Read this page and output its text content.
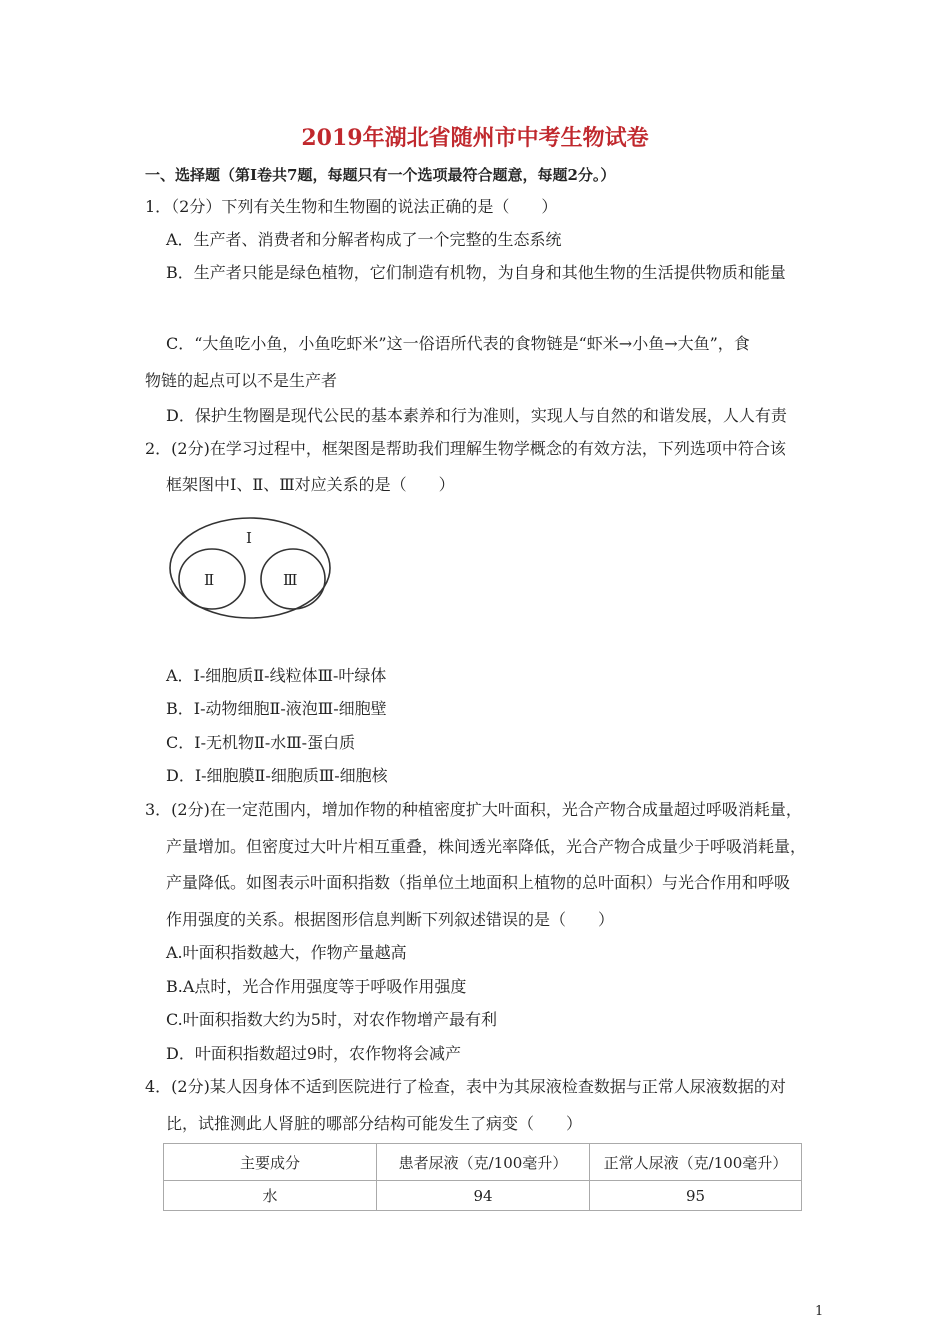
2019年湖北省随州市中考生物试卷
一、选择题（第Ⅰ卷共7题，每题只有一个选项最符合题意，每题2分。）
1．（2分）下列有关生物和生物圈的说法正确的是（　　）
A．生产者、消费者和分解者构成了一个完整的生态系统
B．生产者只能是绿色植物，它们制造有机物，为自身和其他生物的生活提供物质和能量
C．“大鱼吃小鱼，小鱼吃虾米”这一俗语所代表的食物链是“虾米→小鱼→大鱼”，食
物链的起点可以不是生产者
D．保护生物圈是现代公民的基本素养和行为准则，实现人与自然的和谐发展，人人有责
2．(2分)在学习过程中，框架图是帮助我们理解生物学概念的有效方法，下列选项中符合该
框架图中Ⅰ、Ⅱ、Ⅲ对应关系的是（　　）
Ⅰ
Ⅱ	Ⅲ
A．Ⅰ-细胞质Ⅱ-线粒体Ⅲ-叶绿体
B．Ⅰ-动物细胞Ⅱ-液泡Ⅲ-细胞壁
C．Ⅰ-无机物Ⅱ-水Ⅲ-蛋白质
D．Ⅰ-细胞膜Ⅱ-细胞质Ⅲ-细胞核
3．(2分)在一定范围内，增加作物的种植密度扩大叶面积，光合产物合成量超过呼吸消耗量，
产量增加。但密度过大叶片相互重叠，株间透光率降低，光合产物合成量少于呼吸消耗量，
产量降低。如图表示叶面积指数（指单位土地面积上植物的总叶面积）与光合作用和呼吸
作用强度的关系。根据图形信息判断下列叙述错误的是（　　）
A.叶面积指数越大，作物产量越高
B.A点时，光合作用强度等于呼吸作用强度
C.叶面积指数大约为5时，对农作物增产最有利
D．叶面积指数超过9时，农作物将会减产
4．(2分)某人因身体不适到医院进行了检查，表中为其尿液检查数据与正常人尿液数据的对
比，试推测此人肾脏的哪部分结构可能发生了病变（　　）
主要成分	患者尿液（克/100毫升）	正常人尿液（克/100毫升）
水	94	95
1
